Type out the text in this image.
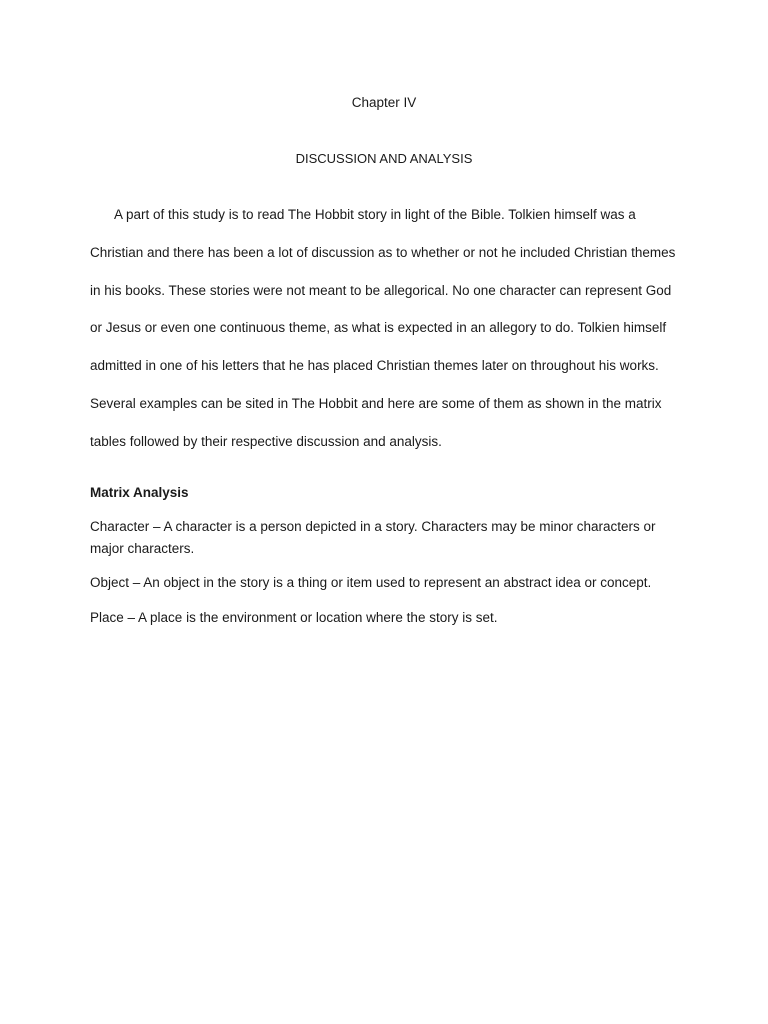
Chapter IV
DISCUSSION AND ANALYSIS

A part of this study is to read The Hobbit story in light of the Bible. Tolkien himself was a Christian and there has been a lot of discussion as to whether or not he included Christian themes in his books. These stories were not meant to be allegorical. No one character can represent God or Jesus or even one continuous theme, as what is expected in an allegory to do. Tolkien himself admitted in one of his letters that he has placed Christian themes later on throughout his works. Several examples can be sited in The Hobbit and here are some of them as shown in the matrix tables followed by their respective discussion and analysis.

Matrix Analysis

Character – A character is a person depicted in a story. Characters may be minor characters or major characters.

Object – An object in the story is a thing or item used to represent an abstract idea or concept.

Place – A place is the environment or location where the story is set.
